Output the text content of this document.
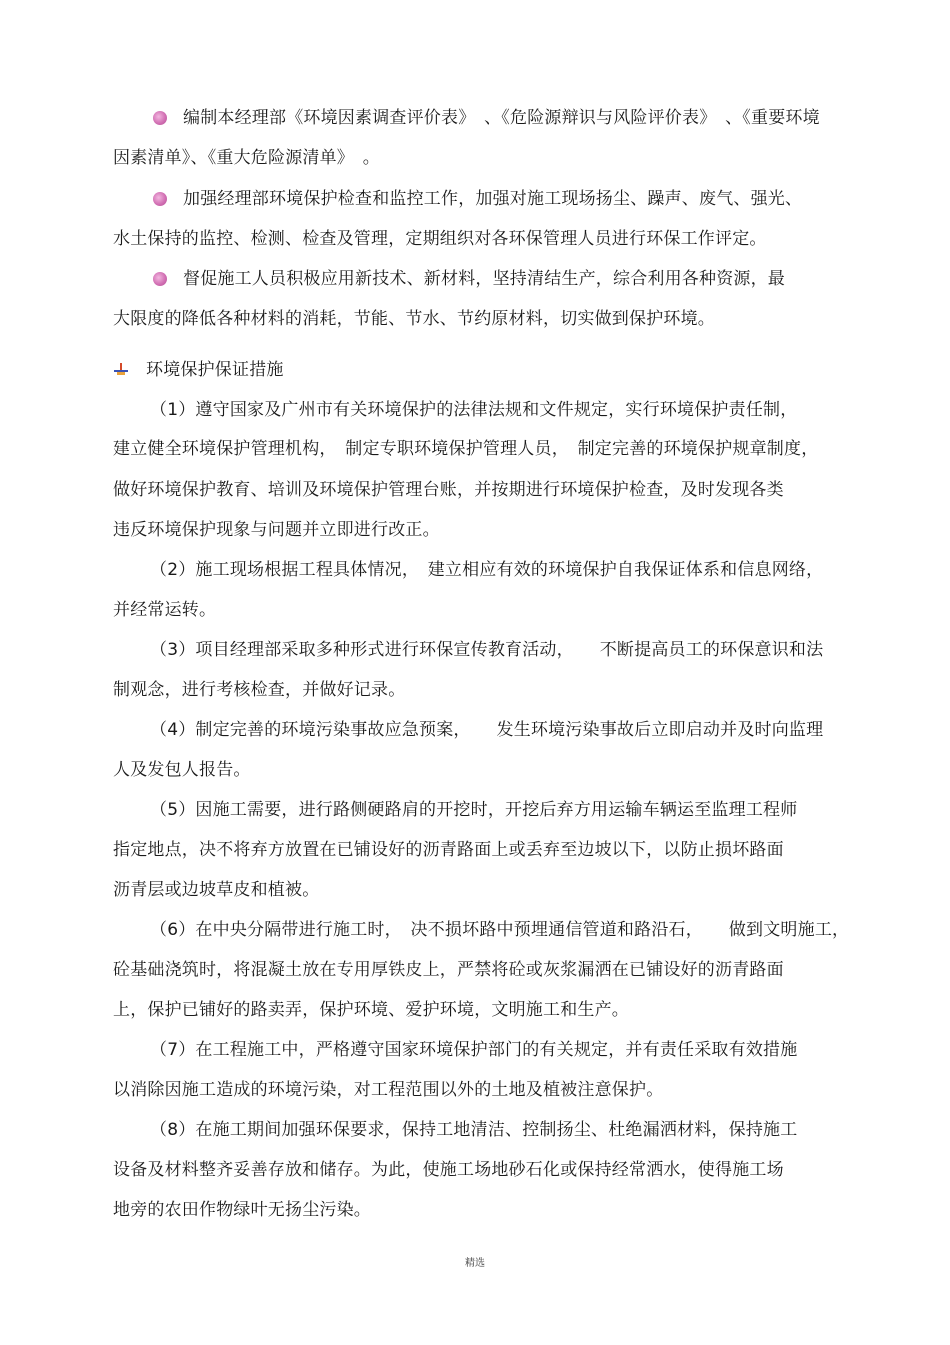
编制本经理部《环境因素调查评价表》　、《危险源辩识与风险评价表》　、《重要环境
因素清单》、《重大危险源清单》　。
加强经理部环境保护检查和监控工作，加强对施工现场扬尘、躁声、废气、强光、
水土保持的监控、检测、检查及管理，定期组织对各环保管理人员进行环保工作评定。
督促施工人员积极应用新技术、新材料，坚持清结生产，综合利用各种资源，最
大限度的降低各种材料的消耗，节能、节水、节约原材料，切实做到保护环境。
环境保护保证措施
（1）遵守国家及广州市有关环境保护的法律法规和文件规定，实行环境保护责任制，
建立健全环境保护管理机构，　制定专职环境保护管理人员，　制定完善的环境保护规章制度，
做好环境保护教育、培训及环境保护管理台账，并按期进行环境保护检查，及时发现各类
违反环境保护现象与问题并立即进行改正。
（2）施工现场根据工程具体情况，　建立相应有效的环境保护自我保证体系和信息网络，
并经常运转。
（3）项目经理部采取多种形式进行环保宣传教育活动，　　不断提高员工的环保意识和法
制观念，进行考核检查，并做好记录。
（4）制定完善的环境污染事故应急预案，　　发生环境污染事故后立即启动并及时向监理
人及发包人报告。
（5）因施工需要，进行路侧硬路肩的开挖时，开挖后弃方用运输车辆运至监理工程师
指定地点，决不将弃方放置在已铺设好的沥青路面上或丢弃至边坡以下，以防止损坏路面
沥青层或边坡草皮和植被。
（6）在中央分隔带进行施工时，　决不损坏路中预埋通信管道和路沿石，　　做到文明施工，
砼基础浇筑时，将混凝土放在专用厚铁皮上，严禁将砼或灰浆漏洒在已铺设好的沥青路面
上，保护已铺好的路卖弄，保护环境、爱护环境，文明施工和生产。
（7）在工程施工中，严格遵守国家环境保护部门的有关规定，并有责任采取有效措施
以消除因施工造成的环境污染，对工程范围以外的土地及植被注意保护。
（8）在施工期间加强环保要求，保持工地清洁、控制扬尘、杜绝漏洒材料，保持施工
设备及材料整齐妥善存放和储存。为此，使施工场地砂石化或保持经常洒水，使得施工场
地旁的农田作物绿叶无扬尘污染。
精选
